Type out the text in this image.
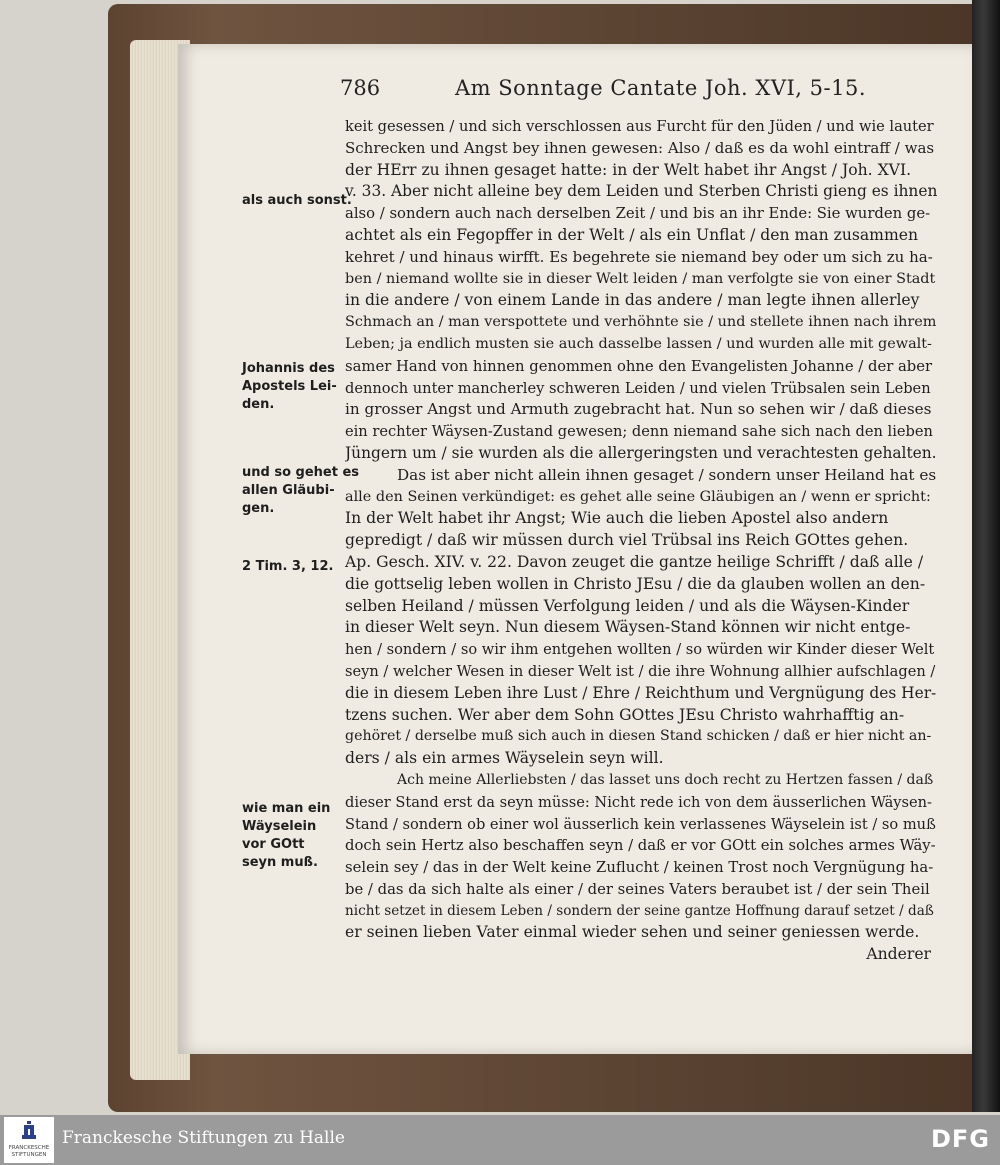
786	Am Sonntage Cantate Joh. XVI, 5-15.
keit gesessen / und sich verschlossen aus Furcht für den Jüden / und wie lauter
Schrecken und Angst bey ihnen gewesen: Also / daß es da wohl eintraff / was
der HErr zu ihnen gesaget hatte: in der Welt habet ihr Angst / Joh. XVI.
v. 33. Aber nicht alleine bey dem Leiden und Sterben Christi gieng es ihnen
also / sondern auch nach derselben Zeit / und bis an ihr Ende: Sie wurden ge-
achtet als ein Fegopffer in der Welt / als ein Unflat / den man zusammen
kehret / und hinaus wirfft. Es begehrete sie niemand bey oder um sich zu ha-
ben / niemand wollte sie in dieser Welt leiden / man verfolgte sie von einer Stadt
in die andere / von einem Lande in das andere / man legte ihnen allerley
Schmach an / man verspottete und verhöhnte sie / und stellete ihnen nach ihrem
Leben; ja endlich musten sie auch dasselbe lassen / und wurden alle mit gewalt-
samer Hand von hinnen genommen ohne den Evangelisten Johanne / der aber
dennoch unter mancherley schweren Leiden / und vielen Trübsalen sein Leben
in grosser Angst und Armuth zugebracht hat. Nun so sehen wir / daß dieses
ein rechter Wäysen-Zustand gewesen; denn niemand sahe sich nach den lieben
Jüngern um / sie wurden als die allergeringsten und verachtesten gehalten.
Das ist aber nicht allein ihnen gesaget / sondern unser Heiland hat es
alle den Seinen verkündiget: es gehet alle seine Gläubigen an / wenn er spricht:
In der Welt habet ihr Angst; Wie auch die lieben Apostel also andern
gepredigt / daß wir müssen durch viel Trübsal ins Reich GOttes gehen.
Ap. Gesch. XIV. v. 22. Davon zeuget die gantze heilige Schrifft / daß alle /
die gottselig leben wollen in Christo JEsu / die da glauben wollen an den-
selben Heiland / müssen Verfolgung leiden / und als die Wäysen-Kinder
in dieser Welt seyn. Nun diesem Wäysen-Stand können wir nicht entge-
hen / sondern / so wir ihm entgehen wollten / so würden wir Kinder dieser Welt
seyn / welcher Wesen in dieser Welt ist / die ihre Wohnung allhier aufschlagen /
die in diesem Leben ihre Lust / Ehre / Reichthum und Vergnügung des Her-
tzens suchen. Wer aber dem Sohn GOttes JEsu Christo wahrhafftig an-
gehöret / derselbe muß sich auch in diesen Stand schicken / daß er hier nicht an-
ders / als ein armes Wäyselein seyn will.
Ach meine Allerliebsten / das lasset uns doch recht zu Hertzen fassen / daß
dieser Stand erst da seyn müsse: Nicht rede ich von dem äusserlichen Wäysen-
Stand / sondern ob einer wol äusserlich kein verlassenes Wäyselein ist / so muß
doch sein Hertz also beschaffen seyn / daß er vor GOtt ein solches armes Wäy-
selein sey / das in der Welt keine Zuflucht / keinen Trost noch Vergnügung ha-
be / das da sich halte als einer / der seines Vaters beraubet ist / der sein Theil
nicht setzet in diesem Leben / sondern der seine gantze Hoffnung darauf setzet / daß
er seinen lieben Vater einmal wieder sehen und seiner geniessen werde.
Anderer
als auch sonst.
Johannis des
Apostels Lei-
den.
und so gehet es
allen Gläubi-
gen.
2 Tim. 3, 12.
wie man ein
Wäyselein
vor GOtt
seyn muß.
FRANCKESCHE STIFTUNGEN
Franckesche Stiftungen zu Halle	DFG
